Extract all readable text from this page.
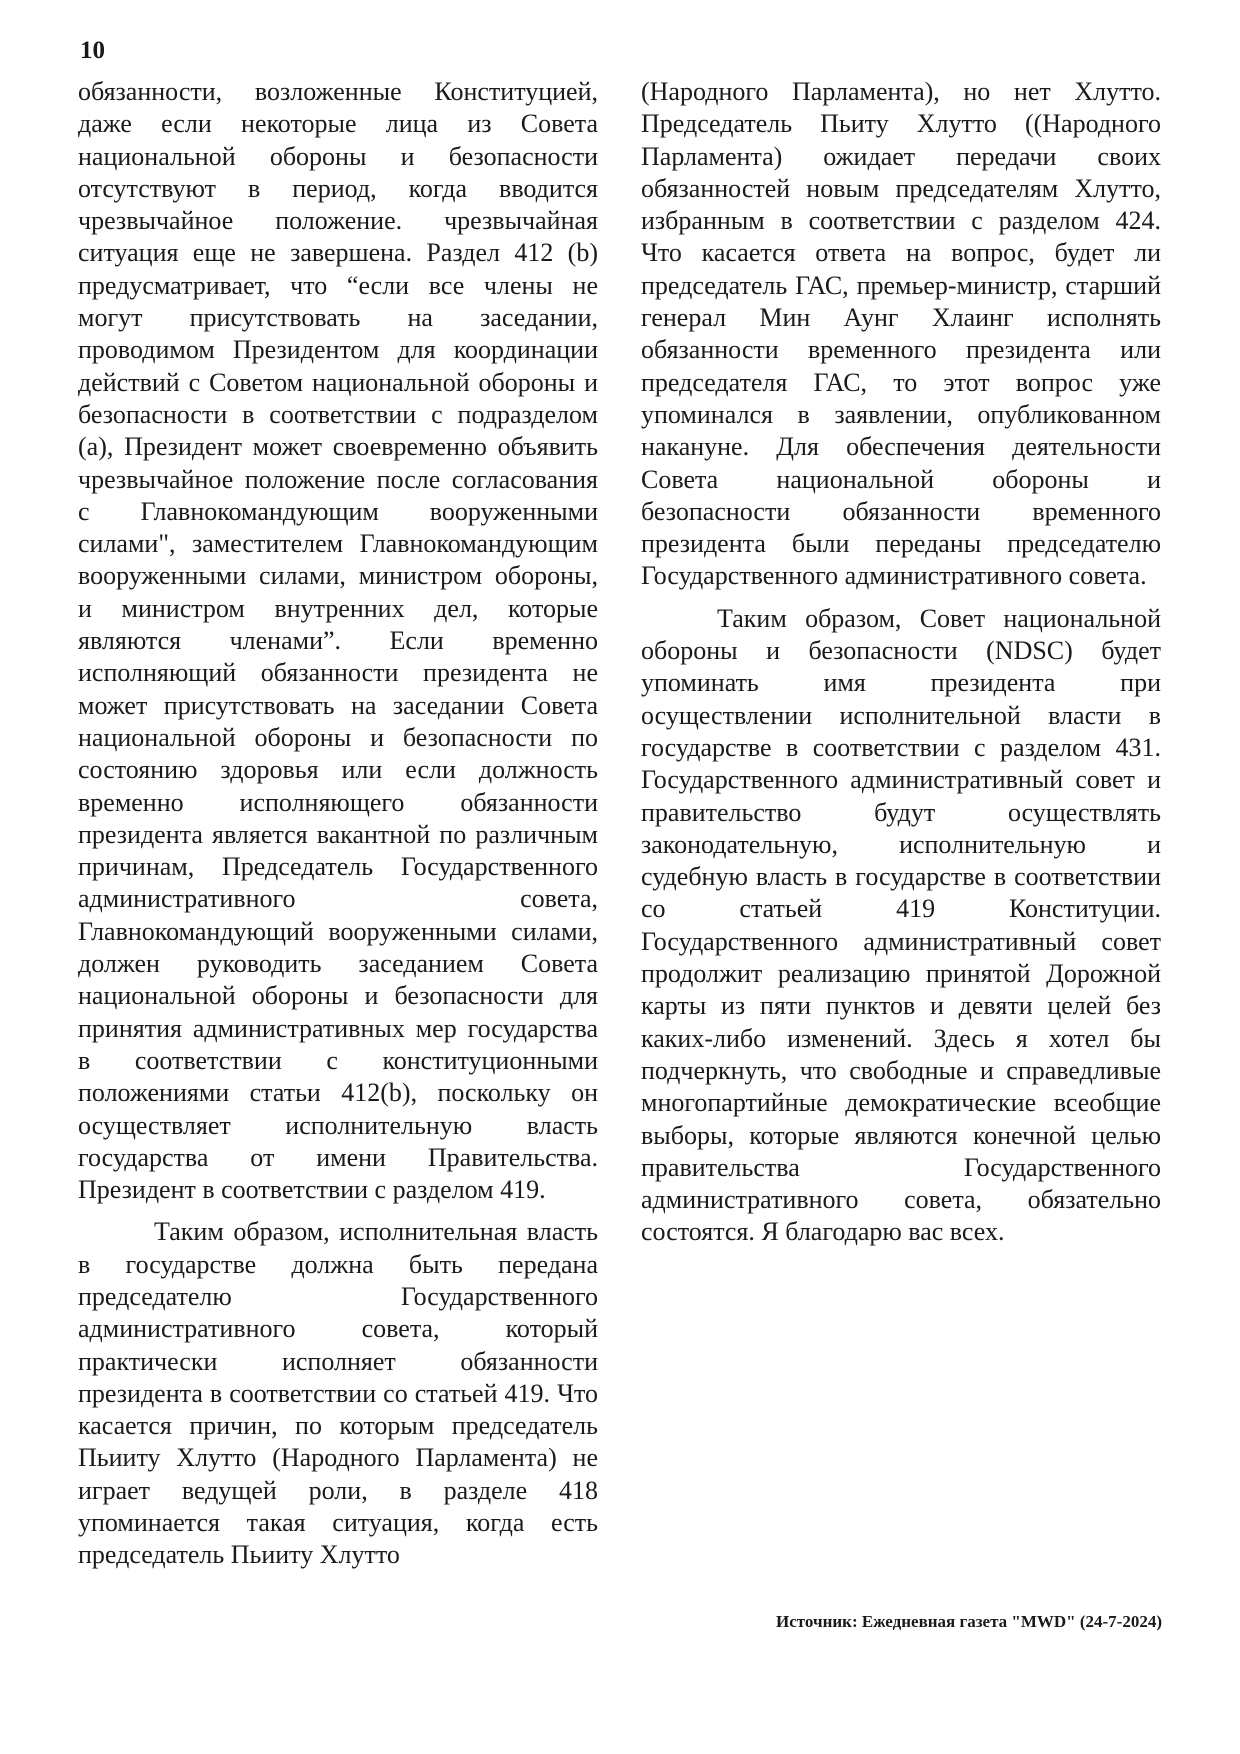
10

обязанности, возложенные Конституцией, даже если некоторые лица из Совета национальной обороны и безопасности отсутствуют в период, когда вводится чрезвычайное положение. чрезвычайная ситуация еще не завершена. Раздел 412 (b) предусматривает, что “если все члены не могут присутствовать на заседании, проводимом Президентом для координации действий с Советом национальной обороны и безопасности в соответствии с подразделом (a), Президент может своевременно объявить чрезвычайное положение после согласования с Главнокомандующим вооруженными силами", заместителем Главнокомандующим вооруженными силами, министром обороны, и министром внутренних дел, которые являются членами”. Если временно исполняющий обязанности президента не может присутствовать на заседании Совета национальной обороны и безопасности по состоянию здоровья или если должность временно исполняющего обязанности президента является вакантной по различным причинам, Председатель Государственного административного совета, Главнокомандующий вооруженными силами, должен руководить заседанием Совета национальной обороны и безопасности для принятия административных мер государства в соответствии с конституционными положениями статьи 412(b), поскольку он осуществляет исполнительную власть государства от имени Правительства. Президент в соответствии с разделом 419.

Таким образом, исполнительная власть в государстве должна быть передана председателю Государственного административного совета, который практически исполняет обязанности президента в соответствии со статьей 419. Что касается причин, по которым председатель Пьииту Хлутто (Народного Парламента) не играет ведущей роли, в разделе 418 упоминается такая ситуация, когда есть председатель Пьииту Хлутто

(Народного Парламента), но нет Хлутто. Председатель Пьиту Хлутто ((Народного Парламента) ожидает передачи своих обязанностей новым председателям Хлутто, избранным в соответствии с разделом 424. Что касается ответа на вопрос, будет ли председатель ГАС, премьер-министр, старший генерал Мин Аунг Хлаинг исполнять обязанности временного президента или председателя ГАС, то этот вопрос уже упоминался в заявлении, опубликованном накануне. Для обеспечения деятельности Совета национальной обороны и безопасности обязанности временного президента были переданы председателю Государственного административного совета.

Таким образом, Совет национальной обороны и безопасности (NDSC) будет упоминать имя президента при осуществлении исполнительной власти в государстве в соответствии с разделом 431. Государственного административный совет и правительство будут осуществлять законодательную, исполнительную и судебную власть в государстве в соответствии со статьей 419 Конституции. Государственного административный совет продолжит реализацию принятой Дорожной карты из пяти пунктов и девяти целей без каких-либо изменений. Здесь я хотел бы подчеркнуть, что свободные и справедливые многопартийные демократические всеобщие выборы, которые являются конечной целью правительства Государственного административного совета, обязательно состоятся. Я благодарю вас всех.

Источник: Ежедневная газета "MWD" (24-7-2024)
